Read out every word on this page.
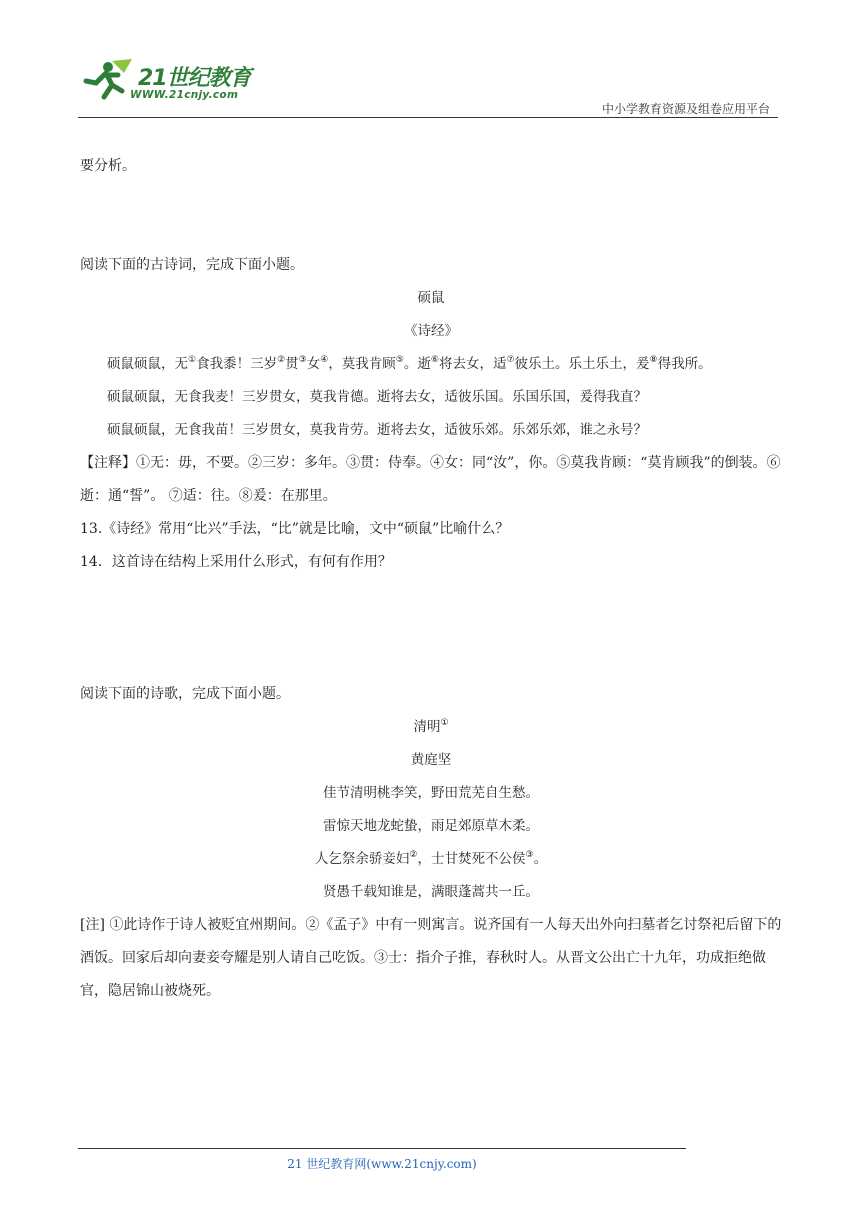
21世纪教育
WWW.21cnjy.com
中小学教育资源及组卷应用平台

要分析。

阅读下面的古诗词，完成下面小题。

硕鼠

《诗经》

硕鼠硕鼠，无①食我黍！三岁②贯③女④，莫我肯顾⑤。逝⑥将去女，适⑦彼乐土。乐土乐土，爰⑧得我所。

硕鼠硕鼠，无食我麦！三岁贯女，莫我肯德。逝将去女，适彼乐国。乐国乐国，爰得我直？

硕鼠硕鼠，无食我苗！三岁贯女，莫我肯劳。逝将去女，适彼乐郊。乐郊乐郊，谁之永号？

【注释】①无：毋，不要。②三岁：多年。③贯：侍奉。④女：同“汝”，你。⑤莫我肯顾：“莫肯顾我”的倒装。⑥逝：通“誓”。 ⑦适：往。⑧爰：在那里。

13.《诗经》常用“比兴”手法，“比”就是比喻，文中“硕鼠”比喻什么？

14．这首诗在结构上采用什么形式，有何有作用？

阅读下面的诗歌，完成下面小题。

清明①

黄庭坚

佳节清明桃李笑，野田荒芜自生愁。

雷惊天地龙蛇蛰，雨足郊原草木柔。

人乞祭余骄妾妇②，士甘焚死不公侯③。

贤愚千载知谁是，满眼蓬蒿共一丘。

[注] ①此诗作于诗人被贬宜州期间。②《孟子》中有一则寓言。说齐国有一人每天出外向扫墓者乞讨祭祀后留下的酒饭。回家后却向妻妾夸耀是别人请自己吃饭。③士：指介子推，春秋时人。从晋文公出亡十九年，功成拒绝做官，隐居锦山被烧死。

21 世纪教育网(www.21cnjy.com)
